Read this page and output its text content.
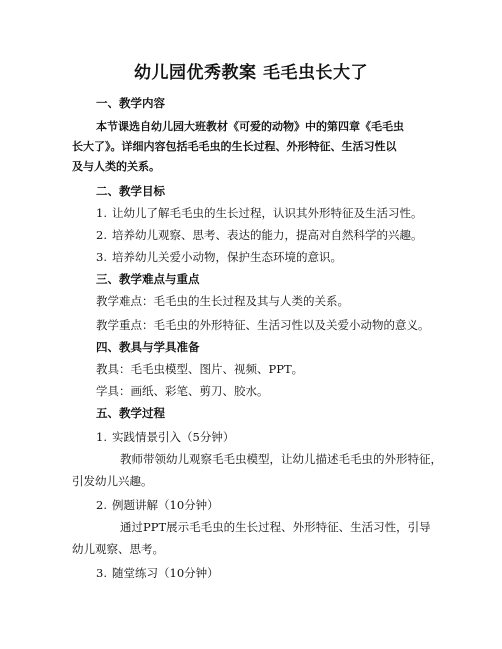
幼儿园优秀教案 毛毛虫长大了
一、教学内容
本节课选自幼儿园大班教材《可爱的动物》中的第四章《毛毛虫
长大了》。详细内容包括毛毛虫的生长过程、外形特征、生活习性以
及与人类的关系。
二、教学目标
1. 让幼儿了解毛毛虫的生长过程，认识其外形特征及生活习性。
2. 培养幼儿观察、思考、表达的能力，提高对自然科学的兴趣。
3. 培养幼儿关爱小动物，保护生态环境的意识。
三、教学难点与重点
教学难点：毛毛虫的生长过程及其与人类的关系。
教学重点：毛毛虫的外形特征、生活习性以及关爱小动物的意义。
四、教具与学具准备
教具：毛毛虫模型、图片、视频、PPT。
学具：画纸、彩笔、剪刀、胶水。
五、教学过程
1. 实践情景引入（5分钟）
教师带领幼儿观察毛毛虫模型，让幼儿描述毛毛虫的外形特征，
引发幼儿兴趣。
2. 例题讲解（10分钟）
通过PPT展示毛毛虫的生长过程、外形特征、生活习性，引导
幼儿观察、思考。
3. 随堂练习（10分钟）
